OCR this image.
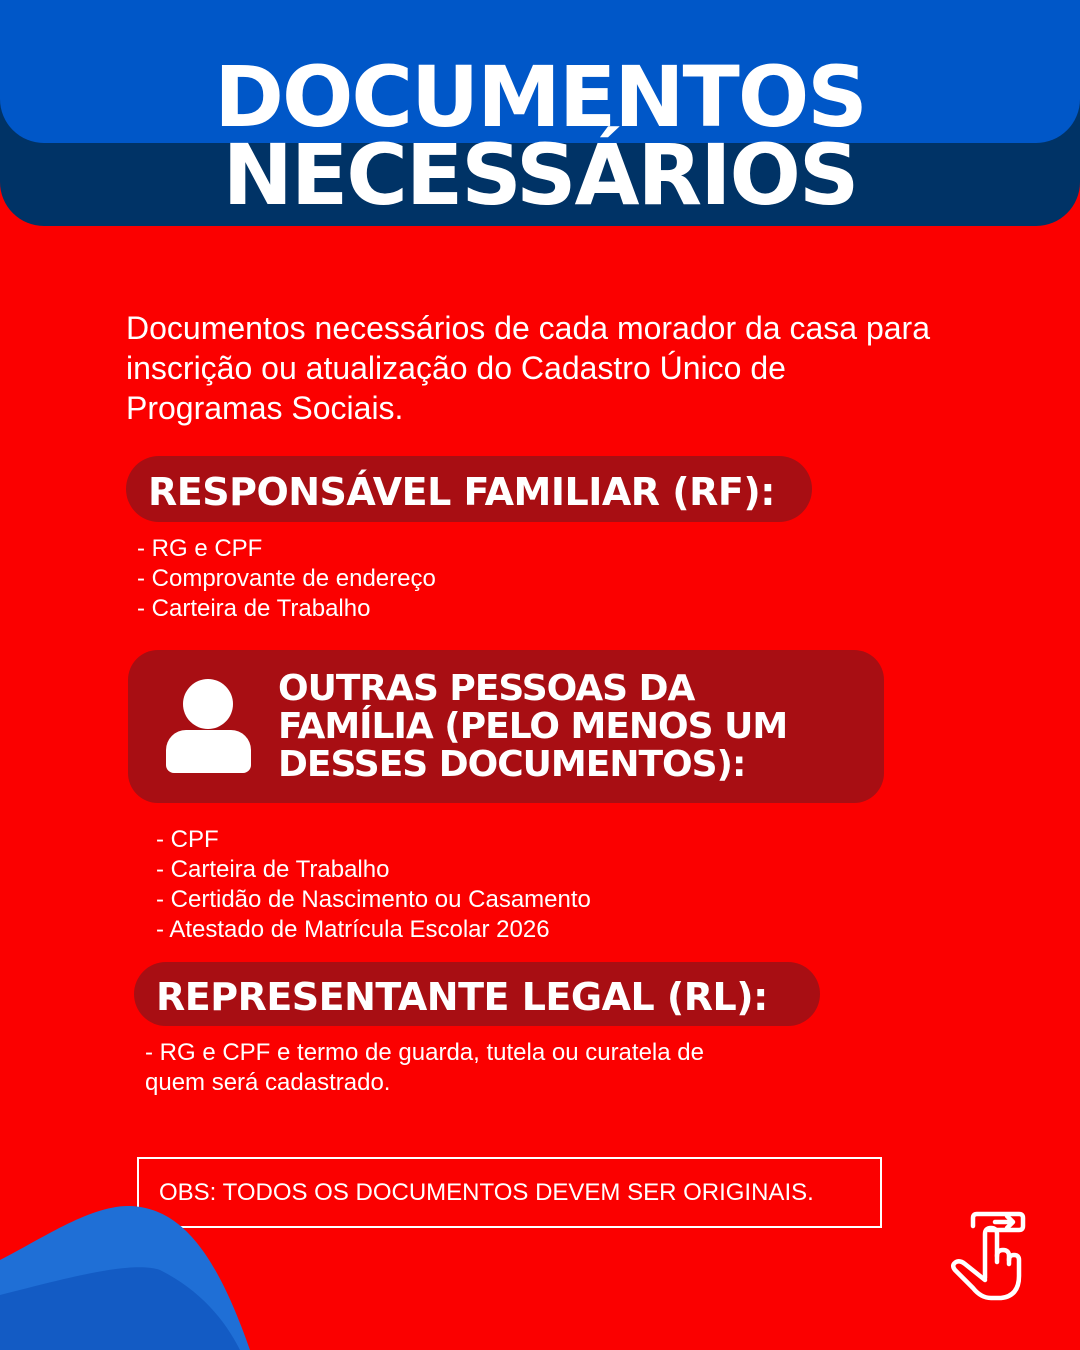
DOCUMENTOS
NECESSÁRIOS

Documentos necessários de cada morador da casa para inscrição ou atualização do Cadastro Único de Programas Sociais.

RESPONSÁVEL FAMILIAR (RF):
- RG e CPF
- Comprovante de endereço
- Carteira de Trabalho
OUTRAS PESSOAS DA
FAMÍLIA (PELO MENOS UM
DESSES DOCUMENTOS):
- CPF
- Carteira de Trabalho
- Certidão de Nascimento ou Casamento
- Atestado de Matrícula Escolar 2026
REPRESENTANTE LEGAL (RL):
- RG e CPF e termo de guarda, tutela ou curatela de
quem será cadastrado.
OBS: TODOS OS DOCUMENTOS DEVEM SER ORIGINAIS.
